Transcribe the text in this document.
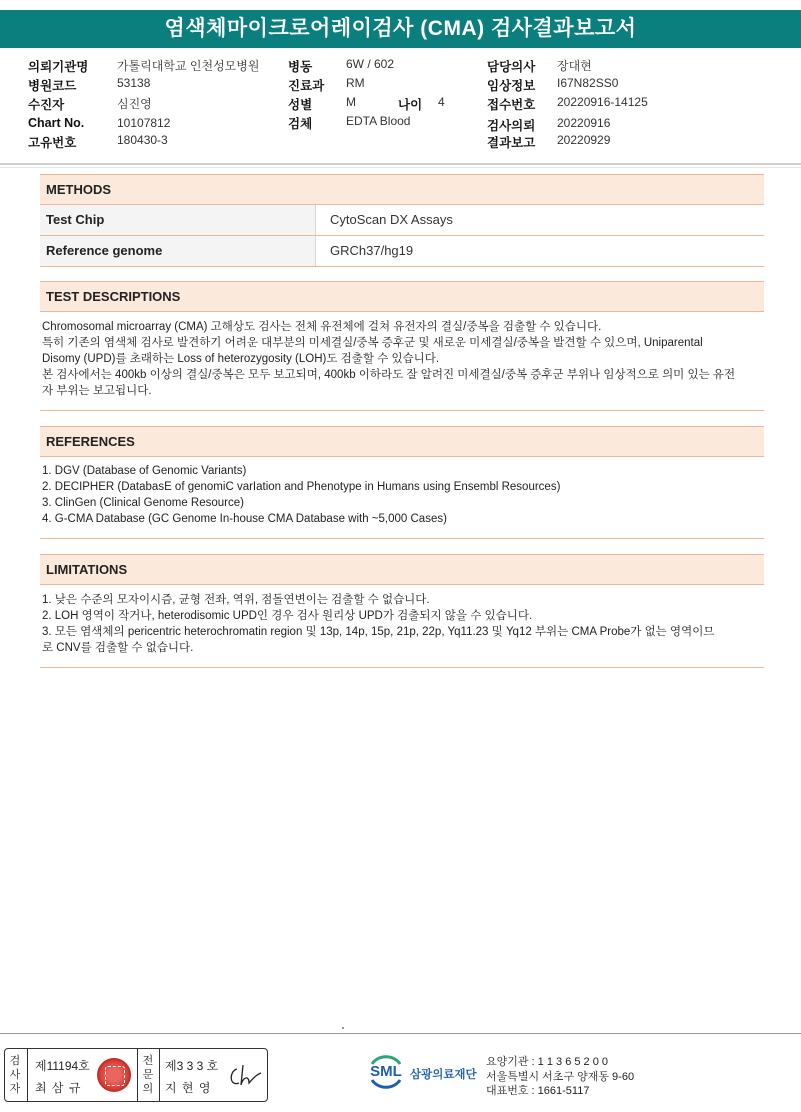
염색체마이크로어레이검사 (CMA) 검사결과보고서
의뢰기관명 가톨릭대학교 인천성모병원
병원코드	53138
수진자	심진영
Chart No.	10107812
고유번호	180430-3
병동	6W / 602
진료과 RM
성별	M	나이 4
검체	EDTA Blood
담당의사 장대현
임상정보 I67N82SS0
접수번호 20220916-14125
검사의뢰 20220916
결과보고 20220929
METHODS
Test Chip	CytoScan DX Assays
Reference genome	GRCh37/hg19
TEST DESCRIPTIONS
Chromosomal microarray (CMA) 고해상도 검사는 전체 유전체에 걸쳐 유전자의 결실/중복을 검출할 수 있습니다.
특히 기존의 염색체 검사로 발견하기 어려운 대부분의 미세결실/중복 증후군 및 새로운 미세결실/중복을 발견할 수 있으며, Uniparental
Disomy (UPD)를 초래하는 Loss of heterozygosity (LOH)도 검출할 수 있습니다.
본 검사에서는 400kb 이상의 결실/중복은 모두 보고되며, 400kb 이하라도 잘 알려진 미세결실/중복 증후군 부위나 임상적으로 의미 있는 유전
자 부위는 보고됩니다.
REFERENCES
1. DGV (Database of Genomic Variants)
2. DECIPHER (DatabasE of genomiC varIation and Phenotype in Humans using Ensembl Resources)
3. ClinGen (Clinical Genome Resource)
4. G-CMA Database (GC Genome In-house CMA Database with ~5,000 Cases)
LIMITATIONS
1. 낮은 수준의 모자이시즘, 균형 전좌, 역위, 점돌연변이는 검출할 수 없습니다.
2. LOH 영역이 작거나, heterodisomic UPD인 경우 검사 원리상 UPD가 검출되지 않을 수 있습니다.
3. 모든 염색체의 pericentric heterochromatin region 및 13p, 14p, 15p, 21p, 22p, Yq11.23 및 Yq12 부위는 CMA Probe가 없는 영역이므
로 CNV를 검출할 수 없습니다.
검
사
자
제11194호
최 삼 규
전
문
의
제3 3 3 호
지 현 영
SML 삼광의료재단
요양기관 : 1 1 3 6 5 2 0 0
서울특별시 서초구 양재동 9-60
대표번호 : 1661-5117
